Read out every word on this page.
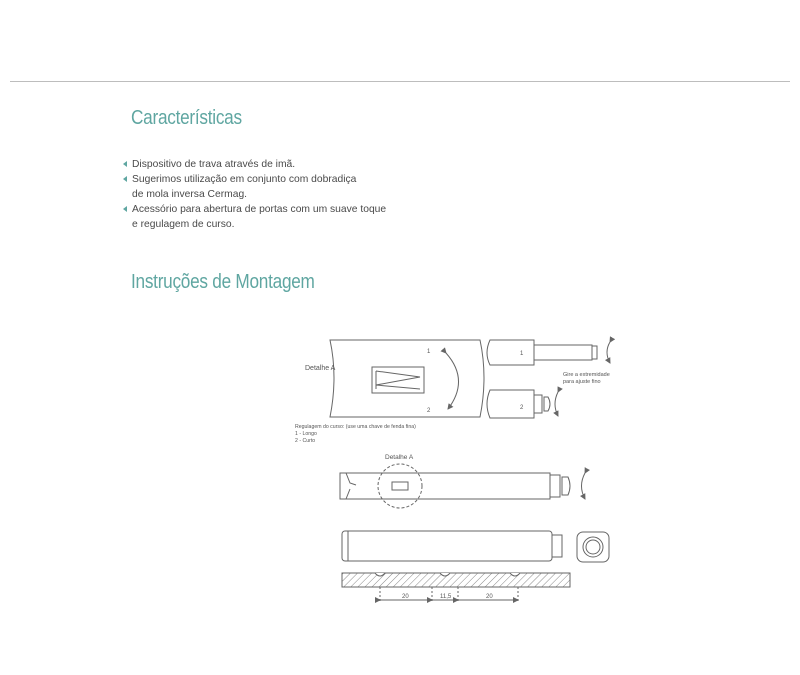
Características
Dispositivo de trava através de imã.
Sugerimos utilização em conjunto com dobradiça
de mola inversa Cermag.
Acessório para abertura de portas com um suave toque
e regulagem de curso.
Instruções de Montagem
Detalhe A
1
2
1
Gire a extremidade
para ajuste fino
2
Regulagem do curso: (use uma chave de fenda fina)
1 - Longo
2 - Curto
Detalhe A
20	11,5	20
